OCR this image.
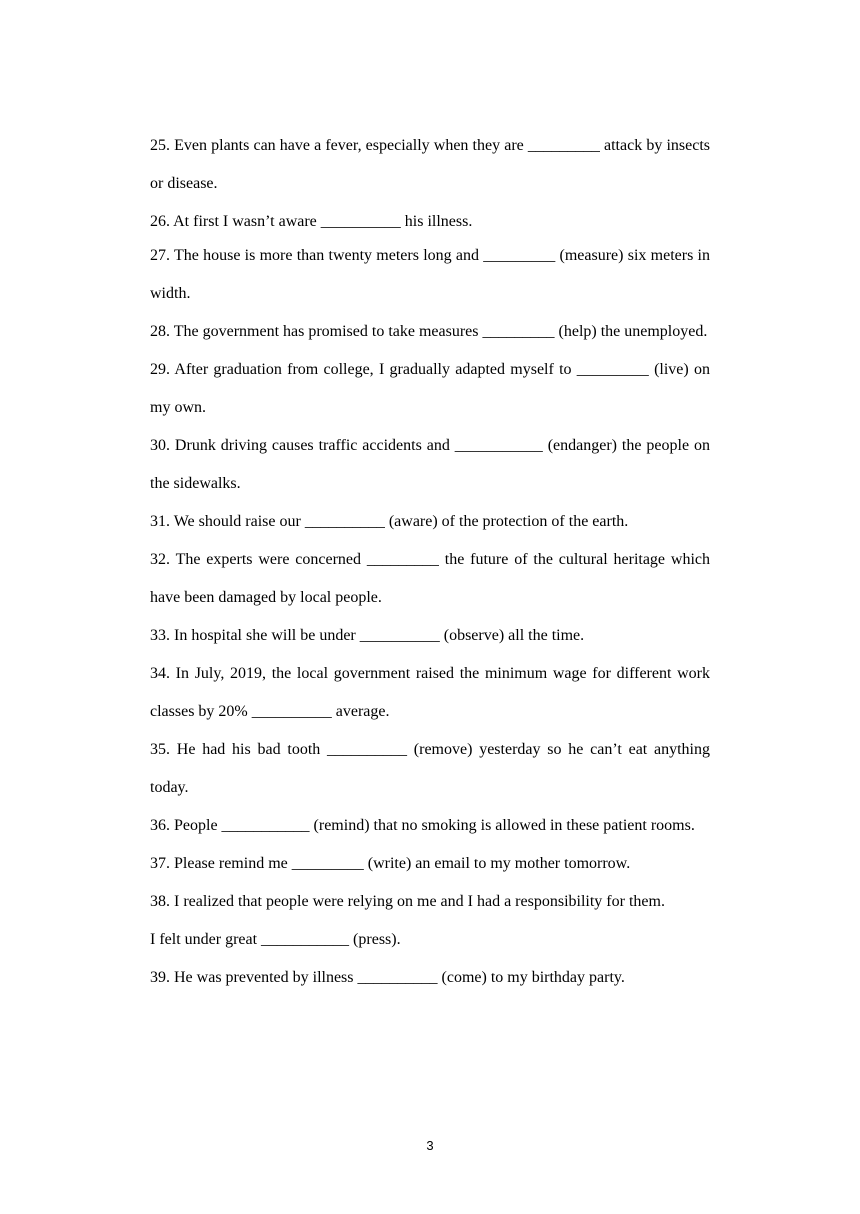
25. Even plants can have a fever, especially when they are _________ attack by insects or disease.

26. At first I wasn’t aware __________ his illness.

27. The house is more than twenty meters long and _________ (measure) six meters in width.

28. The government has promised to take measures _________ (help) the unemployed.

29. After graduation from college, I gradually adapted myself to _________ (live) on my own.

30. Drunk driving causes traffic accidents and ___________ (endanger) the people on the sidewalks.

31. We should raise our __________ (aware) of the protection of the earth.

32. The experts were concerned _________ the future of the cultural heritage which have been damaged by local people.

33. In hospital she will be under __________ (observe) all the time.

34. In July, 2019, the local government raised the minimum wage for different work classes by 20% __________ average.

35. He had his bad tooth __________ (remove) yesterday so he can’t eat anything today.

36. People ___________ (remind) that no smoking is allowed in these patient rooms.

37. Please remind me _________ (write) an email to my mother tomorrow.

38. I realized that people were relying on me and I had a responsibility for them.

I felt under great ___________ (press).

39. He was prevented by illness __________ (come) to my birthday party.

3
